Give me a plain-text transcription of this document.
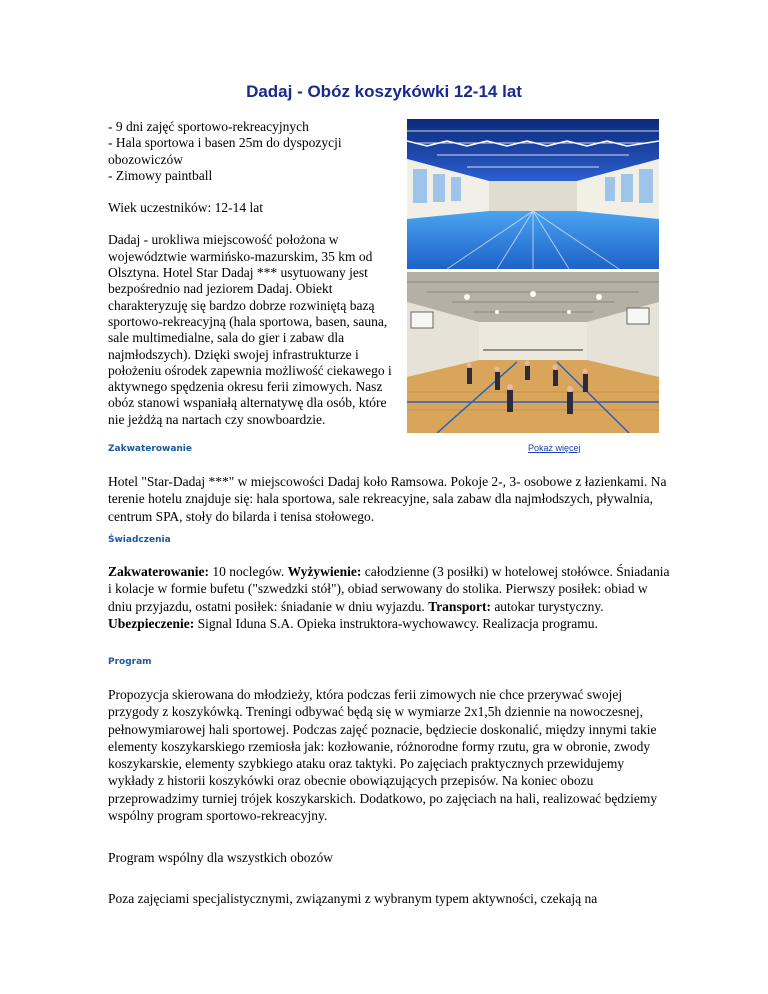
Dadaj - Obóz koszykówki 12-14 lat

- 9 dni zajęć sportowo-rekreacyjnych

- Hala sportowa i basen 25m do dyspozycji obozowiczów

- Zimowy paintball

Wiek uczestników: 12-14 lat

Dadaj - urokliwa miejscowość położona w województwie warmińsko-mazurskim, 35 km od Olsztyna. Hotel Star Dadaj *** usytuowany jest bezpośrednio nad jeziorem Dadaj. Obiekt charakteryzuję się bardzo dobrze rozwiniętą bazą sportowo-rekreacyjną (hala sportowa, basen, sauna, sale multimedialne, sala do gier i zabaw dla najmłodszych). Dzięki swojej infrastrukturze i położeniu ośrodek zapewnia możliwość ciekawego i aktywnego spędzenia okresu ferii zimowych. Nasz obóz stanowi wspaniałą alternatywę dla osób, które nie jeżdżą na nartach czy snowboardzie.

Pokaż więcej
Zakwaterowanie

Hotel "Star-Dadaj ***" w miejscowości Dadaj koło Ramsowa. Pokoje 2-, 3- osobowe z łazienkami. Na terenie hotelu znajduje się: hala sportowa, sale rekreacyjne, sala zabaw dla najmłodszych, pływalnia, centrum SPA, stoły do bilarda i tenisa stołowego.

Świadczenia

Zakwaterowanie: 10 noclegów. Wyżywienie: całodzienne (3 posiłki) w hotelowej stołówce. Śniadania i kolacje w formie bufetu ("szwedzki stół"), obiad serwowany do stolika. Pierwszy posiłek: obiad w dniu przyjazdu, ostatni posiłek: śniadanie w dniu wyjazdu. Transport: autokar turystyczny. Ubezpieczenie: Signal Iduna S.A. Opieka instruktora-wychowawcy. Realizacja programu.

Program

Propozycja skierowana do młodzieży, która podczas ferii zimowych nie chce przerywać swojej przygody z koszykówką. Treningi odbywać będą się w wymiarze 2x1,5h dziennie na nowoczesnej, pełnowymiarowej hali sportowej. Podczas zajęć poznacie, będziecie doskonalić, między innymi takie elementy koszykarskiego rzemiosła jak: kozłowanie, różnorodne formy rzutu, gra w obronie, zwody koszykarskie, elementy szybkiego ataku oraz taktyki. Po zajęciach praktycznych przewidujemy wykłady z historii koszykówki oraz obecnie obowiązujących przepisów. Na koniec obozu przeprowadzimy turniej trójek koszykarskich. Dodatkowo, po zajęciach na hali, realizować będziemy wspólny program sportowo-rekreacyjny.

Program wspólny dla wszystkich obozów

Poza zajęciami specjalistycznymi, związanymi z wybranym typem aktywności, czekają na
